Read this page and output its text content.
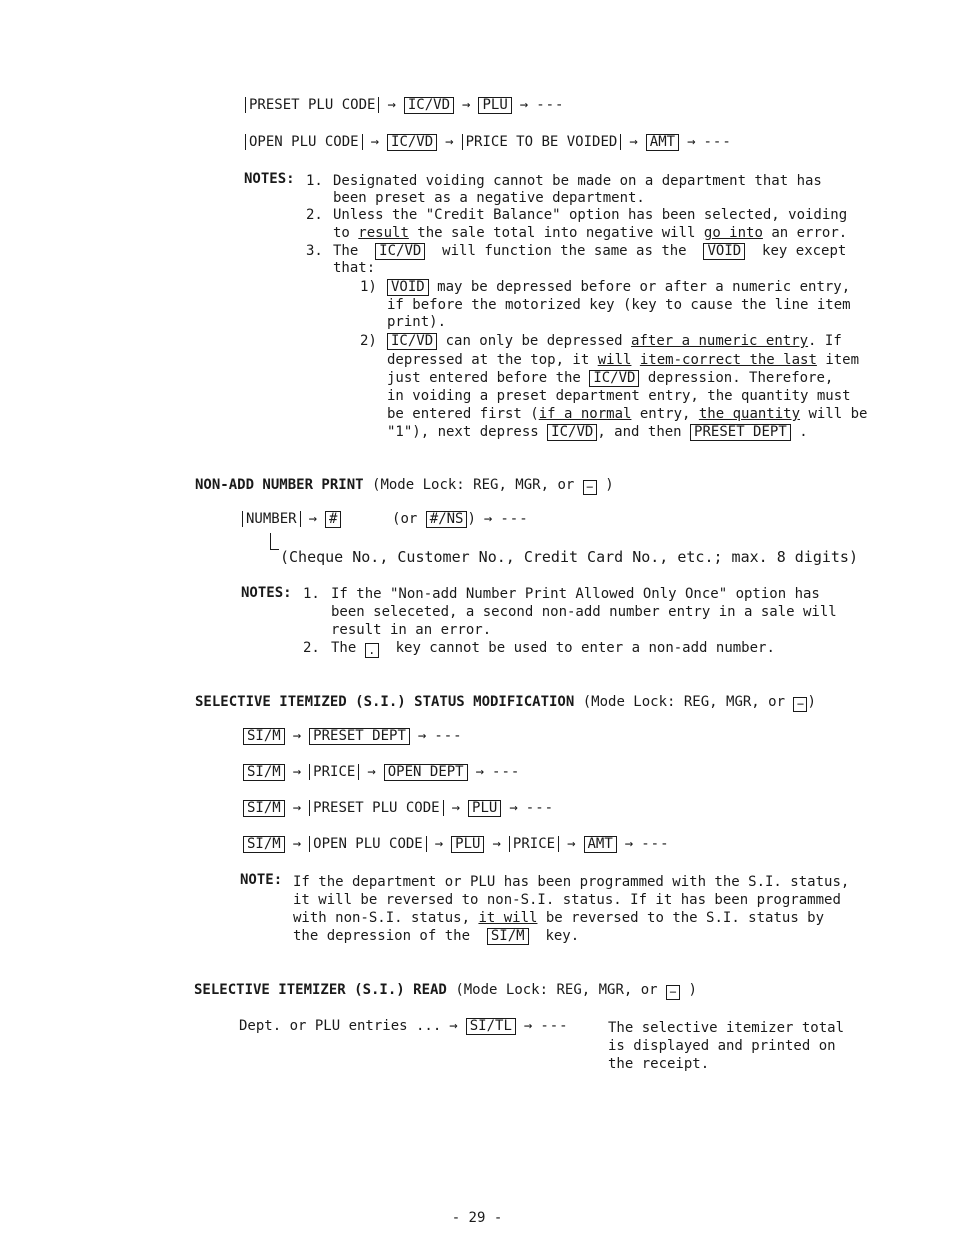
PRESET PLU CODE → IC/VD → PLU → ---
OPEN PLU CODE → IC/VD → PRICE TO BE VOIDED → AMT → ---
NOTES: 1. Designated voiding cannot be made on a department that has
been preset as a negative department.
2. Unless the "Credit Balance" option has been selected, voiding
to result the sale total into negative will go into an error.
3. The IC/VD will function the same as the VOID key except
that:
1) VOID may be depressed before or after a numeric entry,
if before the motorized key (key to cause the line item
print).
2) IC/VD can only be depressed after a numeric entry. If
depressed at the top, it will item-correct the last item
just entered before the IC/VD depression. Therefore,
in voiding a preset department entry, the quantity must
be entered first (if a normal entry, the quantity will be
"1"), next depress IC/VD , and then PRESET DEPT .
NON-ADD NUMBER PRINT (Mode Lock: REG, MGR, or − )
NUMBER → #	(or #/NS ) → ---
(Cheque No., Customer No., Credit Card No., etc.; max. 8 digits)
NOTES: 1. If the "Non-add Number Print Allowed Only Once" option has
been seleceted, a second non-add number entry in a sale will
result in an error.
2. The . key cannot be used to enter a non-add number.
SELECTIVE ITEMIZED (S.I.) STATUS MODIFICATION (Mode Lock: REG, MGR, or − )
SI/M → PRESET DEPT → ---
SI/M → PRICE → OPEN DEPT → ---
SI/M → PRESET PLU CODE → PLU → ---
SI/M → OPEN PLU CODE → PLU → PRICE → AMT → ---
NOTE: If the department or PLU has been programmed with the S.I. status,
it will be reversed to non-S.I. status. If it has been programmed
with non-S.I. status, it will be reversed to the S.I. status by
the depression of the SI/M key.
SELECTIVE ITEMIZER (S.I.) READ (Mode Lock: REG, MGR, or − )
Dept. or PLU entries ... → SI/TL → ---	The selective itemizer total
is displayed and printed on
the receipt.
- 29 -
